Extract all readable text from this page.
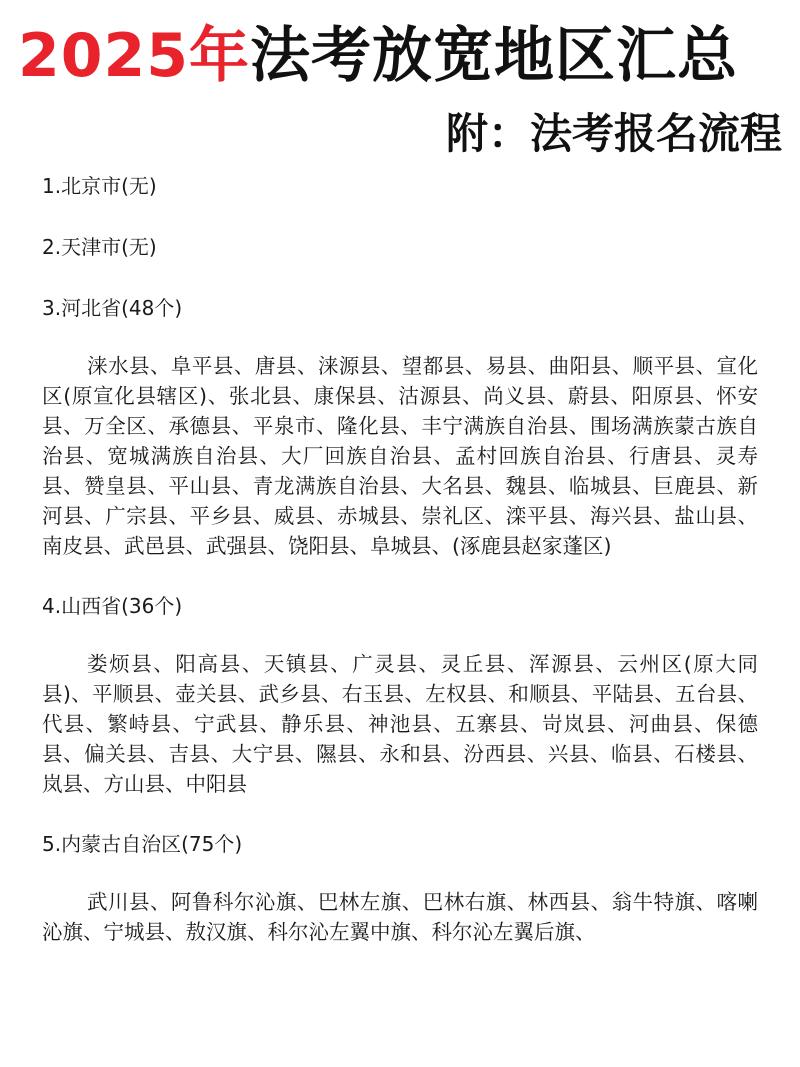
2025年法考放宽地区汇总
附：法考报名流程
1.北京市(无)
2.天津市(无)
3.河北省(48个)

涞水县、阜平县、唐县、涞源县、望都县、易县、曲阳县、顺平县、宣化区(原宣化县辖区)、张北县、康保县、沽源县、尚义县、蔚县、阳原县、怀安县、万全区、承德县、平泉市、隆化县、丰宁满族自治县、围场满族蒙古族自治县、宽城满族自治县、大厂回族自治县、孟村回族自治县、行唐县、灵寿县、赞皇县、平山县、青龙满族自治县、大名县、魏县、临城县、巨鹿县、新河县、广宗县、平乡县、威县、赤城县、崇礼区、滦平县、海兴县、盐山县、南皮县、武邑县、武强县、饶阳县、阜城县、(涿鹿县赵家蓬区)

4.山西省(36个)

娄烦县、阳高县、天镇县、广灵县、灵丘县、浑源县、云州区(原大同县)、平顺县、壶关县、武乡县、右玉县、左权县、和顺县、平陆县、五台县、代县、繁峙县、宁武县、静乐县、神池县、五寨县、岢岚县、河曲县、保德县、偏关县、吉县、大宁县、隰县、永和县、汾西县、兴县、临县、石楼县、岚县、方山县、中阳县

5.内蒙古自治区(75个)

武川县、阿鲁科尔沁旗、巴林左旗、巴林右旗、林西县、翁牛特旗、喀喇沁旗、宁城县、敖汉旗、科尔沁左翼中旗、科尔沁左翼后旗、
